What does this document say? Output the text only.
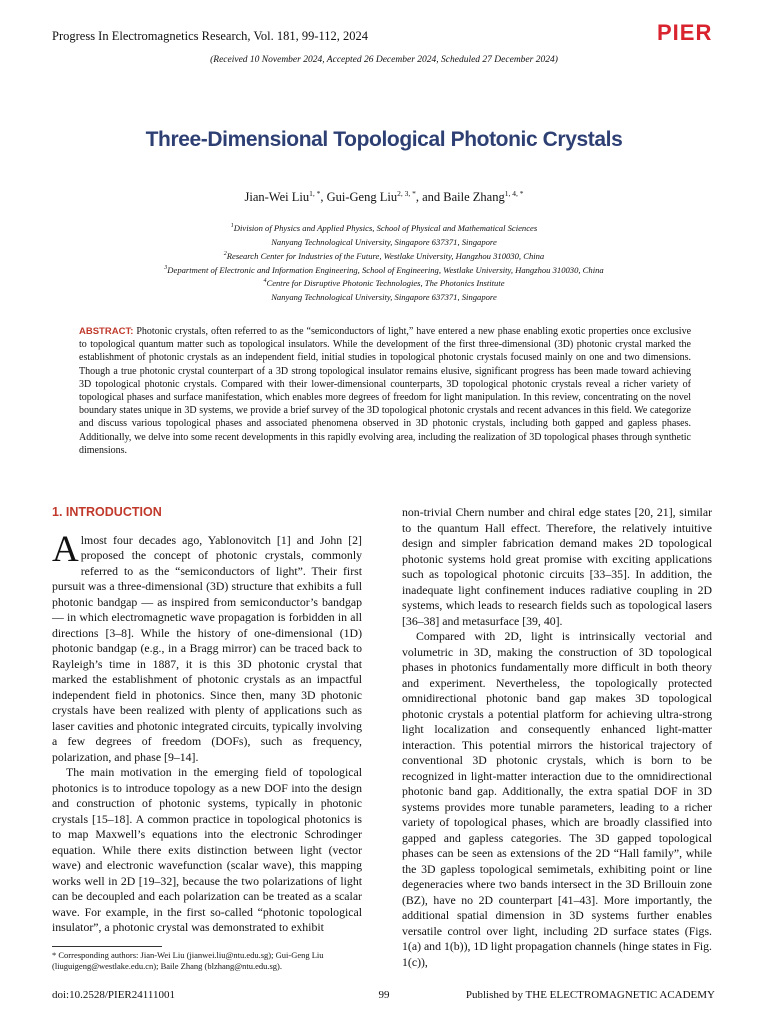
Progress In Electromagnetics Research, Vol. 181, 99-112, 2024	PIER
(Received 10 November 2024, Accepted 26 December 2024, Scheduled 27 December 2024)
Three-Dimensional Topological Photonic Crystals
Jian-Wei Liu$^{1, *}$, Gui-Geng Liu$^{2, 3, *}$, and Baile Zhang$^{1, 4, *}$
$^1$Division of Physics and Applied Physics, School of Physical and Mathematical Sciences
Nanyang Technological University, Singapore 637371, Singapore
$^2$Research Center for Industries of the Future, Westlake University, Hangzhou 310030, China
$^3$Department of Electronic and Information Engineering, School of Engineering, Westlake University, Hangzhou 310030, China
$^4$Centre for Disruptive Photonic Technologies, The Photonics Institute
Nanyang Technological University, Singapore 637371, Singapore
ABSTRACT: Photonic crystals, often referred to as the “semiconductors of light,” have entered a new phase enabling exotic properties once exclusive to topological quantum matter such as topological insulators. While the development of the first three-dimensional (3D) photonic crystal marked the establishment of photonic crystals as an independent field, initial studies in topological photonic crystals focused mainly on one and two dimensions. Though a true photonic crystal counterpart of a 3D strong topological insulator remains elusive, significant progress has been made toward achieving 3D topological photonic crystals. Compared with their lower-dimensional counterparts, 3D topological photonic crystals reveal a richer variety of topological phases and surface manifestation, which enables more degrees of freedom for light manipulation. In this review, concentrating on the novel boundary states unique in 3D systems, we provide a brief survey of the 3D topological photonic crystals and recent advances in this field. We categorize and discuss various topological phases and associated phenomena observed in 3D photonic crystals, including both gapped and gapless phases. Additionally, we delve into some recent developments in this rapidly evolving area, including the realization of 3D topological phases through synthetic dimensions.
1. INTRODUCTION

Almost four decades ago, Yablonovitch [1] and John [2] proposed the concept of photonic crystals, commonly referred to as the “semiconductors of light”. Their first pursuit was a three-dimensional (3D) structure that exhibits a full photonic bandgap — as inspired from semiconductor’s bandgap — in which electromagnetic wave propagation is forbidden in all directions [3–8]. While the history of one-dimensional (1D) photonic bandgap (e.g., in a Bragg mirror) can be traced back to Rayleigh’s time in 1887, it is this 3D photonic crystal that marked the establishment of photonic crystals as an impactful independent field in photonics. Since then, many 3D photonic crystals have been realized with plenty of applications such as laser cavities and photonic integrated circuits, typically involving a few degrees of freedom (DOFs), such as frequency, polarization, and phase [9–14].

The main motivation in the emerging field of topological photonics is to introduce topology as a new DOF into the design and construction of photonic systems, typically in photonic crystals [15–18]. A common practice in topological photonics is to map Maxwell’s equations into the electronic Schrodinger equation. While there exits distinction between light (vector wave) and electronic wavefunction (scalar wave), this mapping works well in 2D [19–32], because the two polarizations of light can be decoupled and each polarization can be treated as a scalar wave. For example, in the first so-called “photonic topological insulator”, a photonic crystal was demonstrated to exhibit

non-trivial Chern number and chiral edge states [20, 21], similar to the quantum Hall effect. Therefore, the relatively intuitive design and simpler fabrication demand makes 2D topological photonic systems hold great promise with exciting applications such as topological photonic circuits [33–35]. In addition, the inadequate light confinement induces radiative coupling in 2D systems, which leads to research fields such as topological lasers [36–38] and metasurface [39, 40].

Compared with 2D, light is intrinsically vectorial and volumetric in 3D, making the construction of 3D topological phases in photonics fundamentally more difficult in both theory and experiment. Nevertheless, the topologically protected omnidirectional photonic band gap makes 3D topological photonic crystals a potential platform for achieving ultra-strong light localization and consequently enhanced light-matter interaction. This potential mirrors the historical trajectory of conventional 3D photonic crystals, which is born to be recognized in light-matter interaction due to the omnidirectional photonic band gap. Additionally, the extra spatial DOF in 3D systems provides more tunable parameters, leading to a richer variety of topological phases, which are broadly classified into gapped and gapless categories. The 3D gapped topological phases can be seen as extensions of the 2D “Hall family”, while the 3D gapless topological semimetals, exhibiting point or line degeneracies where two bands intersect in the 3D Brillouin zone (BZ), have no 2D counterpart [41–43]. More importantly, the additional spatial dimension in 3D systems further enables versatile control over light, including 2D surface states (Figs. 1(a) and 1(b)), 1D light propagation channels (hinge states in Fig. 1(c)),

* Corresponding authors: Jian-Wei Liu (jianwei.liu@ntu.edu.sg); Gui-Geng Liu (liuguigeng@westlake.edu.cn); Baile Zhang (blzhang@ntu.edu.sg).
doi:10.2528/PIER24111001	99	Published by THE ELECTROMAGNETIC ACADEMY
